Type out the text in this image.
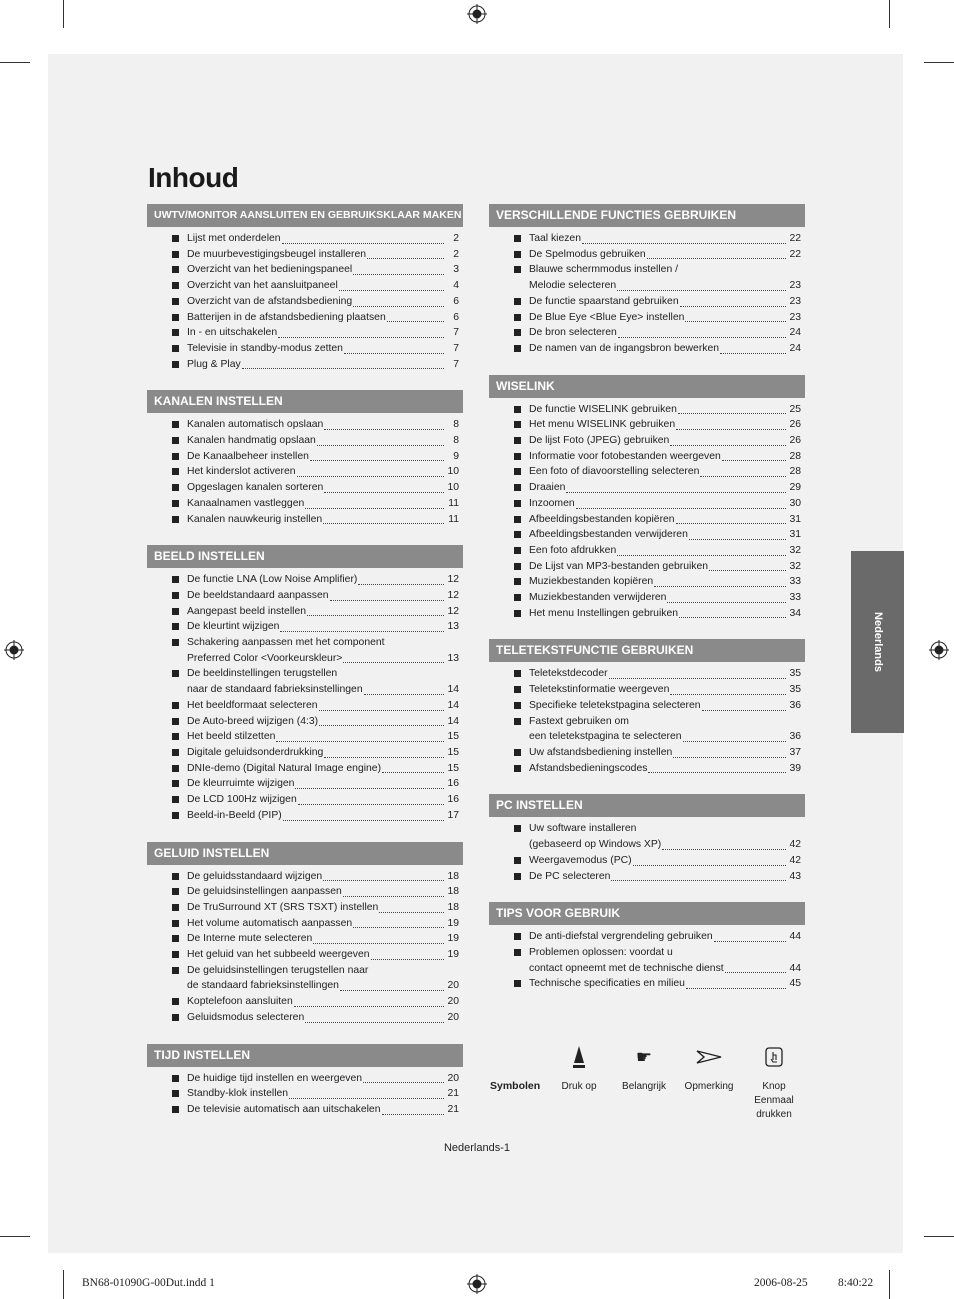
Inhoud
UWTV/MONITOR AANSLUITEN EN GEBRUIKSKLAAR MAKEN
Lijst met onderdelen	2
De muurbevestigingsbeugel installeren	2
Overzicht van het bedieningspaneel	3
Overzicht van het aansluitpaneel	4
Overzicht van de afstandsbediening	6
Batterijen in de afstandsbediening plaatsen	6
In - en uitschakelen	7
Televisie in standby-modus zetten	7
Plug & Play	7
KANALEN INSTELLEN
Kanalen automatisch opslaan	8
Kanalen handmatig opslaan	8
De Kanaalbeheer instellen	9
Het kinderslot activeren	10
Opgeslagen kanalen sorteren	10
Kanaalnamen vastleggen	11
Kanalen nauwkeurig instellen	11
BEELD INSTELLEN
De functie LNA (Low Noise Amplifier)	12
De beeldstandaard aanpassen	12
Aangepast beeld instellen	12
De kleurtint wijzigen	13
Schakering aanpassen met het component
Preferred Color <Voorkeurskleur>	13
De beeldinstellingen terugstellen
naar de standaard fabrieksinstellingen	14
Het beeldformaat selecteren	14
De Auto-breed wijzigen (4:3)	14
Het beeld stilzetten	15
Digitale geluidsonderdrukking	15
DNIe-demo (Digital Natural Image engine)	15
De kleurruimte wijzigen	16
De LCD 100Hz wijzigen	16
Beeld-in-Beeld (PIP)	17
GELUID INSTELLEN
De geluidsstandaard wijzigen	18
De geluidsinstellingen aanpassen	18
De TruSurround XT (SRS TSXT) instellen	18
Het volume automatisch aanpassen	19
De Interne mute selecteren	19
Het geluid van het subbeeld weergeven	19
De geluidsinstellingen terugstellen naar
de standaard fabrieksinstellingen	20
Koptelefoon aansluiten	20
Geluidsmodus selecteren	20
TIJD INSTELLEN
De huidige tijd instellen en weergeven	20
Standby-klok instellen	21
De televisie automatisch aan uitschakelen	21
VERSCHILLENDE FUNCTIES GEBRUIKEN
Taal kiezen	22
De Spelmodus gebruiken	22
Blauwe schermmodus instellen /
Melodie selecteren	23
De functie spaarstand gebruiken	23
De Blue Eye <Blue Eye> instellen	23
De bron selecteren	24
De namen van de ingangsbron bewerken	24
WISELINK
De functie WISELINK gebruiken	25
Het menu WISELINK gebruiken	26
De lijst Foto (JPEG) gebruiken	26
Informatie voor fotobestanden weergeven	28
Een foto of diavoorstelling selecteren	28
Draaien	29
Inzoomen	30
Afbeeldingsbestanden kopiëren	31
Afbeeldingsbestanden verwijderen	31
Een foto afdrukken	32
De Lijst van MP3-bestanden gebruiken	32
Muziekbestanden kopiëren	33
Muziekbestanden verwijderen	33
Het menu Instellingen gebruiken	34
TELETEKSTFUNCTIE GEBRUIKEN
Teletekstdecoder	35
Teletekstinformatie weergeven	35
Specifieke teletekstpagina selecteren	36
Fastext gebruiken om
een teletekstpagina te selecteren	36
Uw afstandsbediening instellen	37
Afstandsbedieningscodes	39
PC INSTELLEN
Uw software installeren
(gebaseerd op Windows XP)	42
Weergavemodus (PC)	42
De PC selecteren	43
TIPS VOOR GEBRUIK
De anti-diefstal vergrendeling gebruiken	44
Problemen oplossen: voordat u
contact opneemt met de technische dienst	44
Technische specificaties en milieu	45
Nederlands
Symbolen	Druk op
☛
Belangrijk	Opmerking	Knop Eenmaal drukken
Nederlands-1
BN68-01090G-00Dut.indd 1	2006-08-25	8:40:22
